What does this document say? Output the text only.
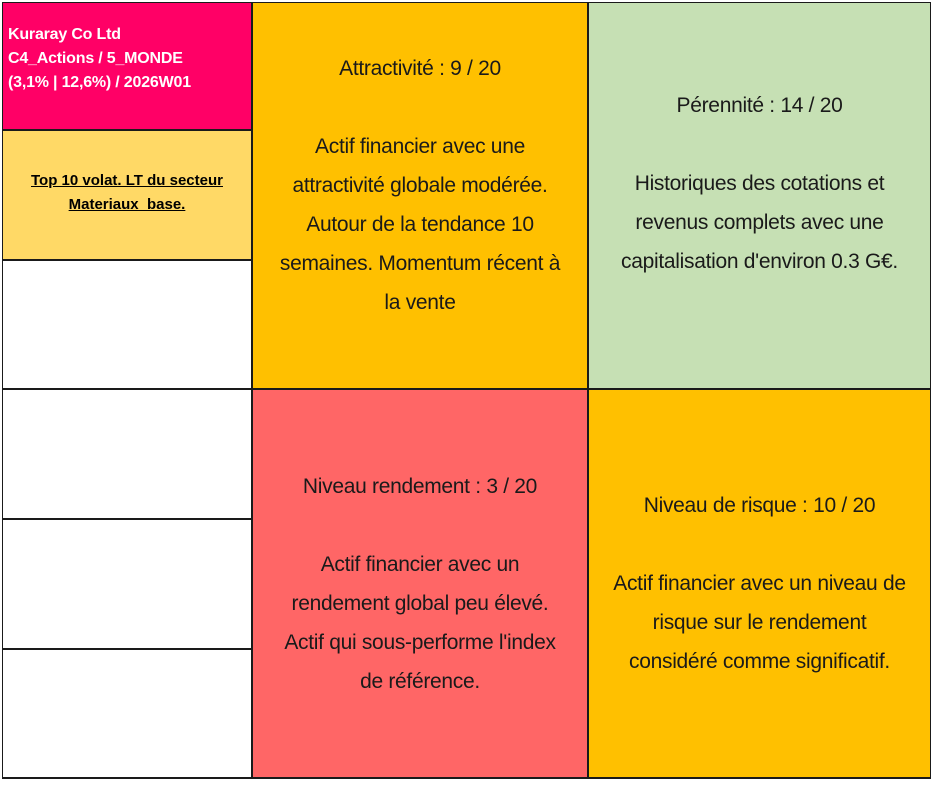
Kuraray Co Ltd
C4_Actions / 5_MONDE
(3,1% | 12,6%) / 2026W01
Top 10 volat. LT du secteur
Materiaux_base.
Attractivité : 9 / 20
Actif financier avec une
attractivité globale modérée.
Autour de la tendance 10
semaines. Momentum récent à
la vente
Pérennité : 14 / 20
Historiques des cotations et
revenus complets avec une
capitalisation d'environ 0.3 G€.
Niveau rendement : 3 / 20
Actif financier avec un
rendement global peu élevé.
Actif qui sous-performe l'index
de référence.
Niveau de risque : 10 / 20
Actif financier avec un niveau de
risque sur le rendement
considéré comme significatif.
